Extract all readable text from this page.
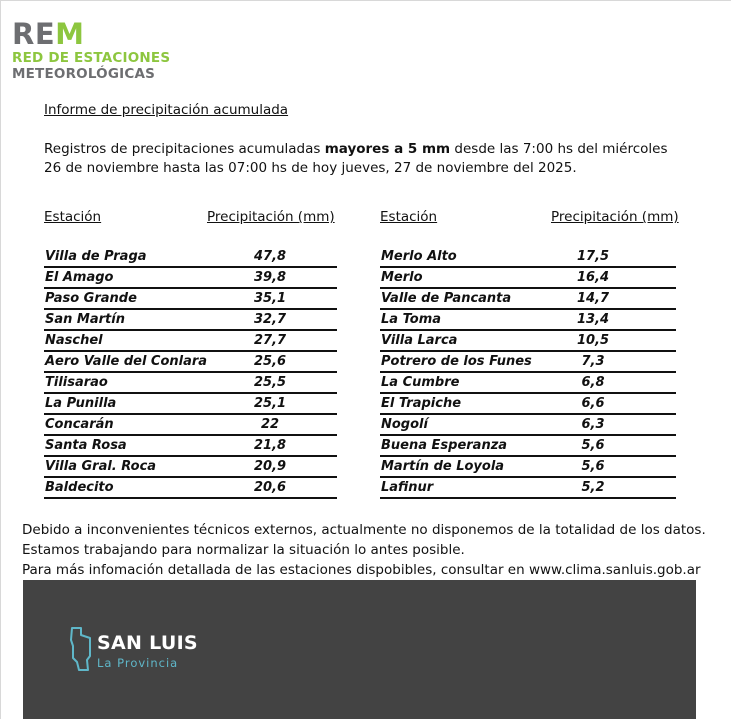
REM
RED DE ESTACIONES
METEOROLÓGICAS
Informe de precipitación acumulada
Registros de precipitaciones acumuladas mayores a 5 mm desde las 7:00 hs del miércoles 26 de noviembre hasta las 07:00 hs de hoy jueves, 27 de noviembre del 2025.
Estación	Precipitación (mm)	Estación	Precipitación (mm)
Villa de Praga	47,8
El Amago	39,8
Paso Grande	35,1
San Martín	32,7
Naschel	27,7
Aero Valle del Conlara	25,6
Tilisarao	25,5
La Punilla	25,1
Concarán	22
Santa Rosa	21,8
Villa Gral. Roca	20,9
Baldecito	20,6
Merlo Alto	17,5
Merlo	16,4
Valle de Pancanta	14,7
La Toma	13,4
Villa Larca	10,5
Potrero de los Funes	7,3
La Cumbre	6,8
El Trapiche	6,6
Nogolí	6,3
Buena Esperanza	5,6
Martín de Loyola	5,6
Lafinur	5,2
Debido a inconvenientes técnicos externos, actualmente no disponemos de la totalidad de los datos.
Estamos trabajando para normalizar la situación lo antes posible.
Para más infomación detallada de las estaciones dispobibles, consultar en www.clima.sanluis.gob.ar
SAN LUIS
La Provincia
